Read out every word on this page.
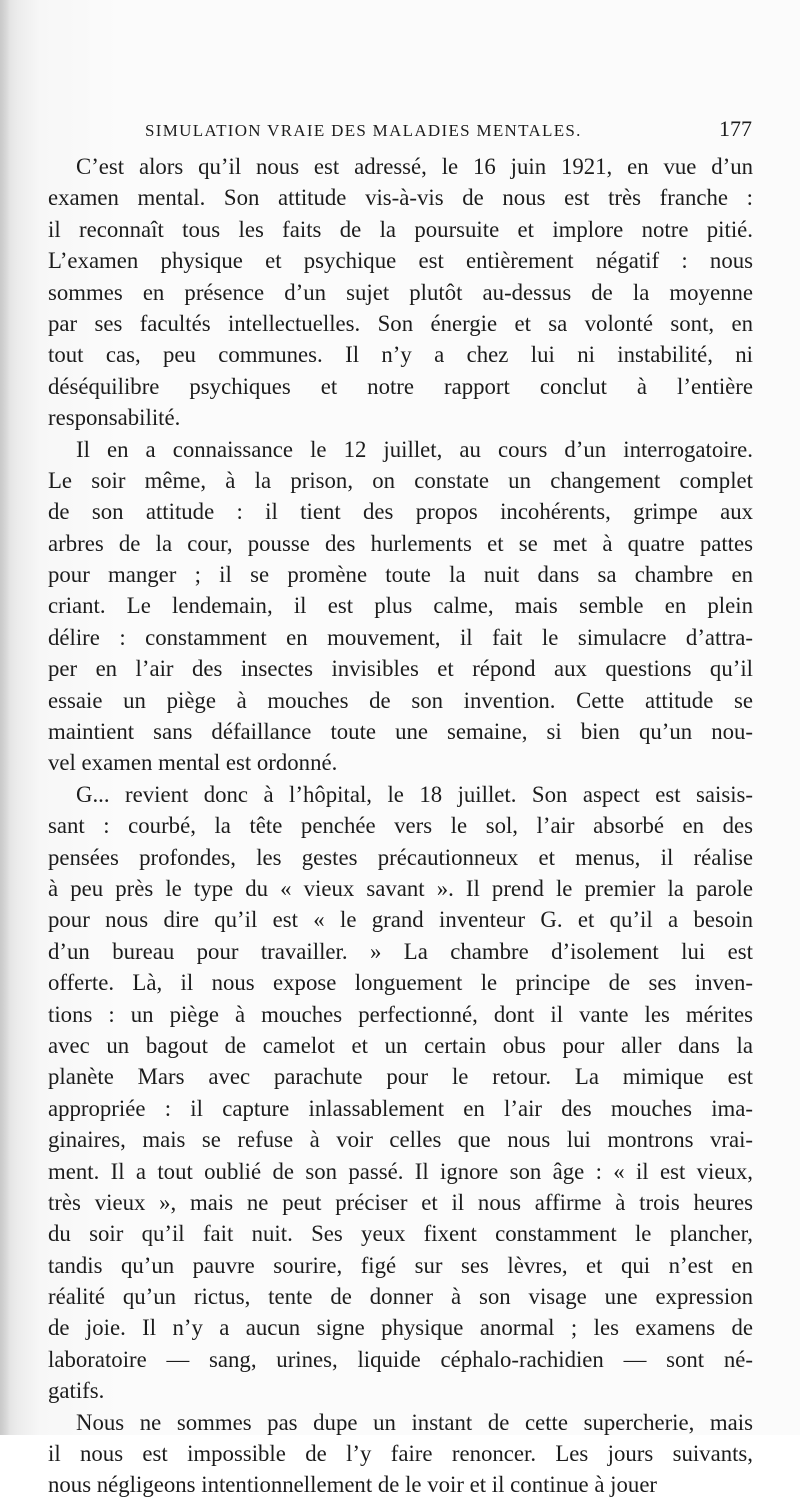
SIMULATION VRAIE DES MALADIES MENTALES.	177
C’est alors qu’il nous est adressé, le 16 juin 1921, en vue d’un
examen mental. Son attitude vis-à-vis de nous est très franche :
il reconnaît tous les faits de la poursuite et implore notre pitié.
L’examen physique et psychique est entièrement négatif : nous
sommes en présence d’un sujet plutôt au-dessus de la moyenne
par ses facultés intellectuelles. Son énergie et sa volonté sont, en
tout cas, peu communes. Il n’y a chez lui ni instabilité, ni
déséquilibre psychiques et notre rapport conclut à l’entière
responsabilité.
Il en a connaissance le 12 juillet, au cours d’un interrogatoire.
Le soir même, à la prison, on constate un changement complet
de son attitude : il tient des propos incohérents, grimpe aux
arbres de la cour, pousse des hurlements et se met à quatre pattes
pour manger ; il se promène toute la nuit dans sa chambre en
criant. Le lendemain, il est plus calme, mais semble en plein
délire : constamment en mouvement, il fait le simulacre d’attra-
per en l’air des insectes invisibles et répond aux questions qu’il
essaie un piège à mouches de son invention. Cette attitude se
maintient sans défaillance toute une semaine, si bien qu’un nou-
vel examen mental est ordonné.
G... revient donc à l’hôpital, le 18 juillet. Son aspect est saisis-
sant : courbé, la tête penchée vers le sol, l’air absorbé en des
pensées profondes, les gestes précautionneux et menus, il réalise
à peu près le type du « vieux savant ». Il prend le premier la parole
pour nous dire qu’il est « le grand inventeur G. et qu’il a besoin
d’un bureau pour travailler. » La chambre d’isolement lui est
offerte. Là, il nous expose longuement le principe de ses inven-
tions : un piège à mouches perfectionné, dont il vante les mérites
avec un bagout de camelot et un certain obus pour aller dans la
planète Mars avec parachute pour le retour. La mimique est
appropriée : il capture inlassablement en l’air des mouches ima-
ginaires, mais se refuse à voir celles que nous lui montrons vrai-
ment. Il a tout oublié de son passé. Il ignore son âge : « il est vieux,
très vieux », mais ne peut préciser et il nous affirme à trois heures
du soir qu’il fait nuit. Ses yeux fixent constamment le plancher,
tandis qu’un pauvre sourire, figé sur ses lèvres, et qui n’est en
réalité qu’un rictus, tente de donner à son visage une expression
de joie. Il n’y a aucun signe physique anormal ; les examens de
laboratoire — sang, urines, liquide céphalo-rachidien — sont né-
gatifs.
Nous ne sommes pas dupe un instant de cette supercherie, mais
il nous est impossible de l’y faire renoncer. Les jours suivants,
nous négligeons intentionnellement de le voir et il continue à jouer
